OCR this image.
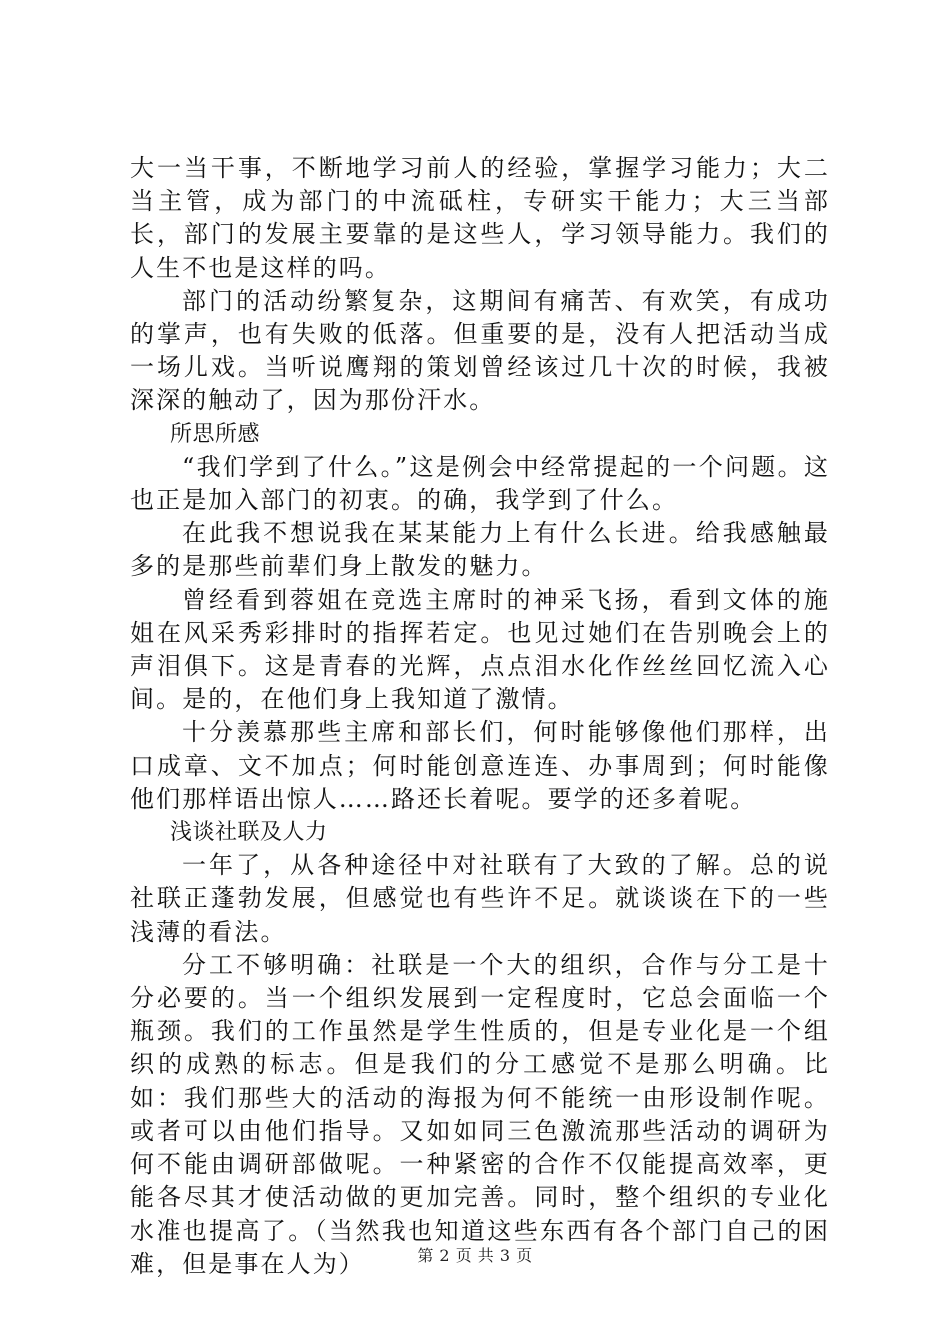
大一当干事，不断地学习前人的经验，掌握学习能力；大二当主管，成为部门的中流砥柱，专研实干能力；大三当部长，部门的发展主要靠的是这些人，学习领导能力。我们的人生不也是这样的吗。

部门的活动纷繁复杂，这期间有痛苦、有欢笑，有成功的掌声，也有失败的低落。但重要的是，没有人把活动当成一场儿戏。当听说鹰翔的策划曾经该过几十次的时候，我被深深的触动了，因为那份汗水。

所思所感

“我们学到了什么。”这是例会中经常提起的一个问题。这也正是加入部门的初衷。的确，我学到了什么。

在此我不想说我在某某能力上有什么长进。给我感触最多的是那些前辈们身上散发的魅力。

曾经看到蓉姐在竞选主席时的神采飞扬，看到文体的施姐在风采秀彩排时的指挥若定。也见过她们在告别晚会上的声泪俱下。这是青春的光辉，点点泪水化作丝丝回忆流入心间。是的，在他们身上我知道了激情。

十分羡慕那些主席和部长们，何时能够像他们那样，出口成章、文不加点；何时能创意连连、办事周到；何时能像他们那样语出惊人……路还长着呢。要学的还多着呢。

浅谈社联及人力

一年了，从各种途径中对社联有了大致的了解。总的说社联正蓬勃发展，但感觉也有些许不足。就谈谈在下的一些浅薄的看法。

分工不够明确：社联是一个大的组织，合作与分工是十分必要的。当一个组织发展到一定程度时，它总会面临一个瓶颈。我们的工作虽然是学生性质的，但是专业化是一个组织的成熟的标志。但是我们的分工感觉不是那么明确。比如：我们那些大的活动的海报为何不能统一由形设制作呢。或者可以由他们指导。又如如同三色激流那些活动的调研为何不能由调研部做呢。一种紧密的合作不仅能提高效率，更能各尽其才使活动做的更加完善。同时，整个组织的专业化水准也提高了。（当然我也知道这些东西有各个部门自己的困难，但是事在人为）	第 2 页 共 3 页
